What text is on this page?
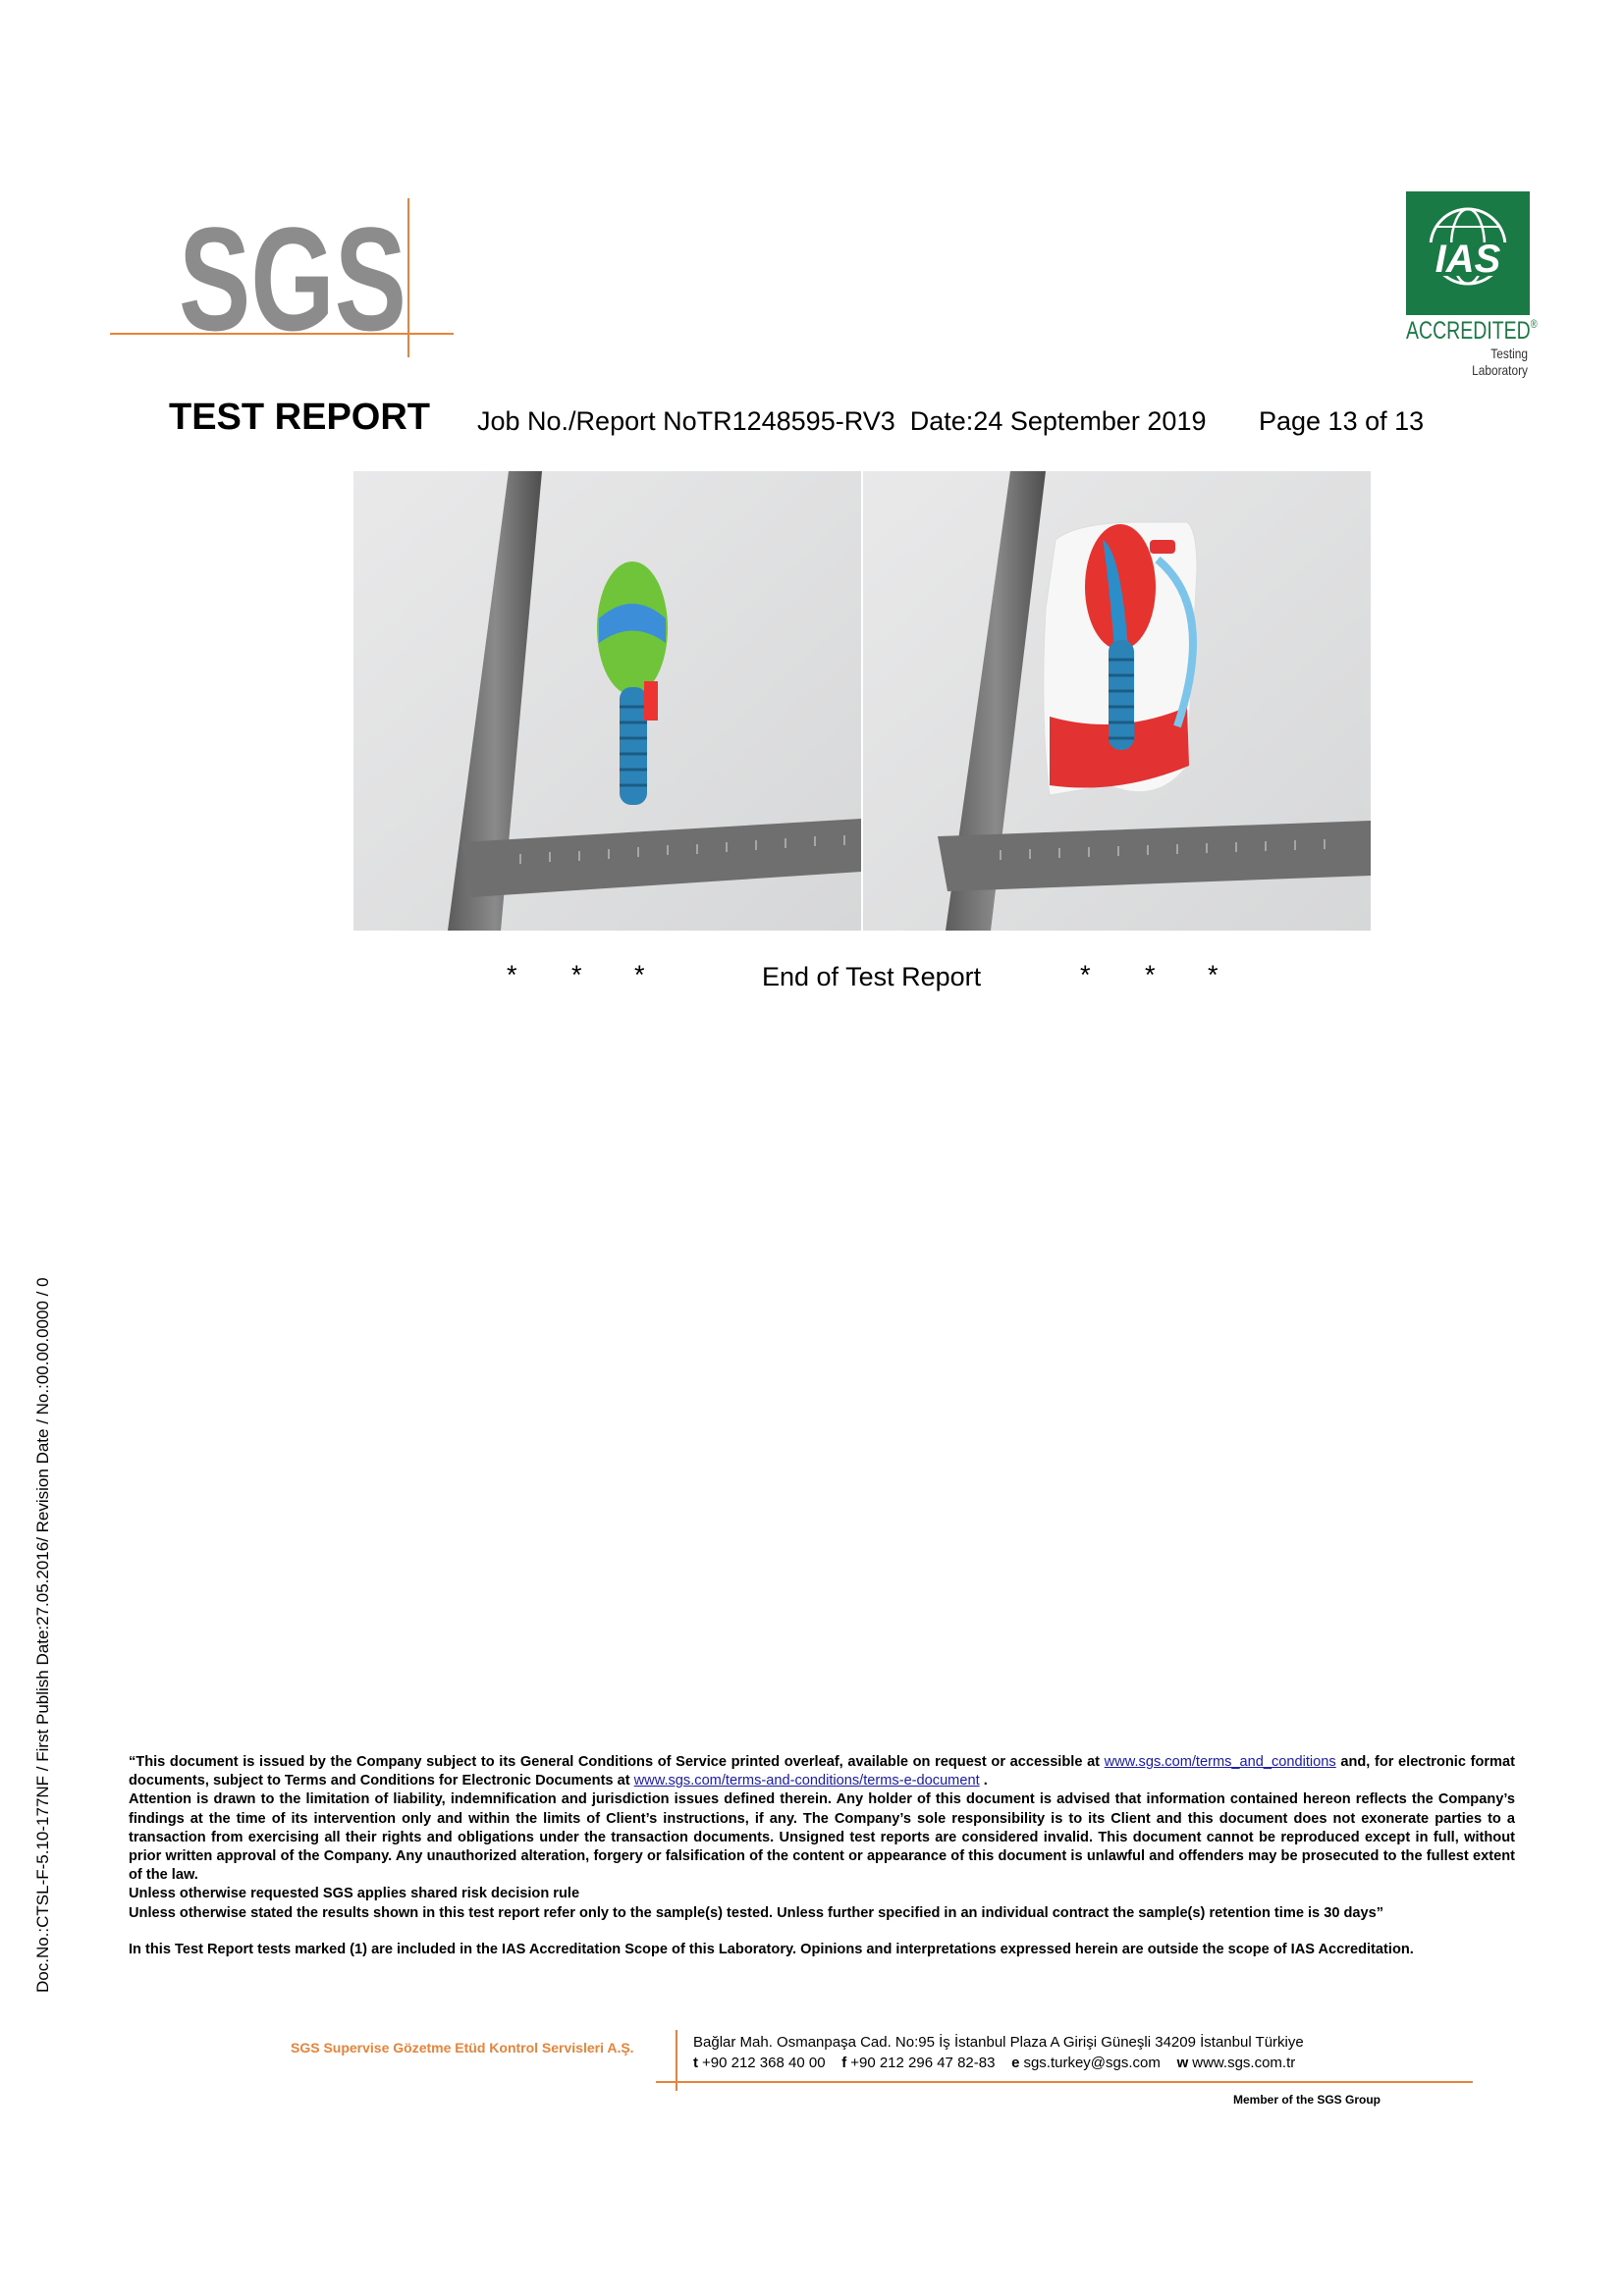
SGS	IAS
ACCREDITED®
Testing
Laboratory
TEST REPORT Job No./Report NoTR1248595-RV3 Date:24 September 2019 Page 13 of 13
* * *	End of Test Report	* * *
Doc.No.:CTSL-F-5.10-177NF / First Publish Date:27.05.2016/ Revision Date / No.:00.00.0000 / 0	“This document is issued by the Company subject to its General Conditions of Service printed overleaf, available on request or accessible at www.sgs.com/terms_and_conditions and, for electronic format documents, subject to Terms and Conditions for Electronic Documents at www.sgs.com/terms-and-conditions/terms-e-document .

Attention is drawn to the limitation of liability, indemnification and jurisdiction issues defined therein. Any holder of this document is advised that information contained hereon reflects the Company’s findings at the time of its intervention only and within the limits of Client’s instructions, if any. The Company’s sole responsibility is to its Client and this document does not exonerate parties to a transaction from exercising all their rights and obligations under the transaction documents. Unsigned test reports are considered invalid. This document cannot be reproduced except in full, without prior written approval of the Company. Any unauthorized alteration, forgery or falsification of the content or appearance of this document is unlawful and offenders may be prosecuted to the fullest extent of the law.

Unless otherwise requested SGS applies shared risk decision rule

Unless otherwise stated the results shown in this test report refer only to the sample(s) tested. Unless further specified in an individual contract the sample(s) retention time is 30 days”

In this Test Report tests marked (1) are included in the IAS Accreditation Scope of this Laboratory. Opinions and interpretations expressed herein are outside the scope of IAS Accreditation.

SGS Supervise Gözetme Etüd Kontrol Servisleri A.Ş.	Bağlar Mah. Osmanpaşa Cad. No:95 İş İstanbul Plaza A Girişi Güneşli 34209 İstanbul Türkiye
t +90 212 368 40 00 f +90 212 296 47 82-83 e sgs.turkey@sgs.com w www.sgs.com.tr
Member of the SGS Group
